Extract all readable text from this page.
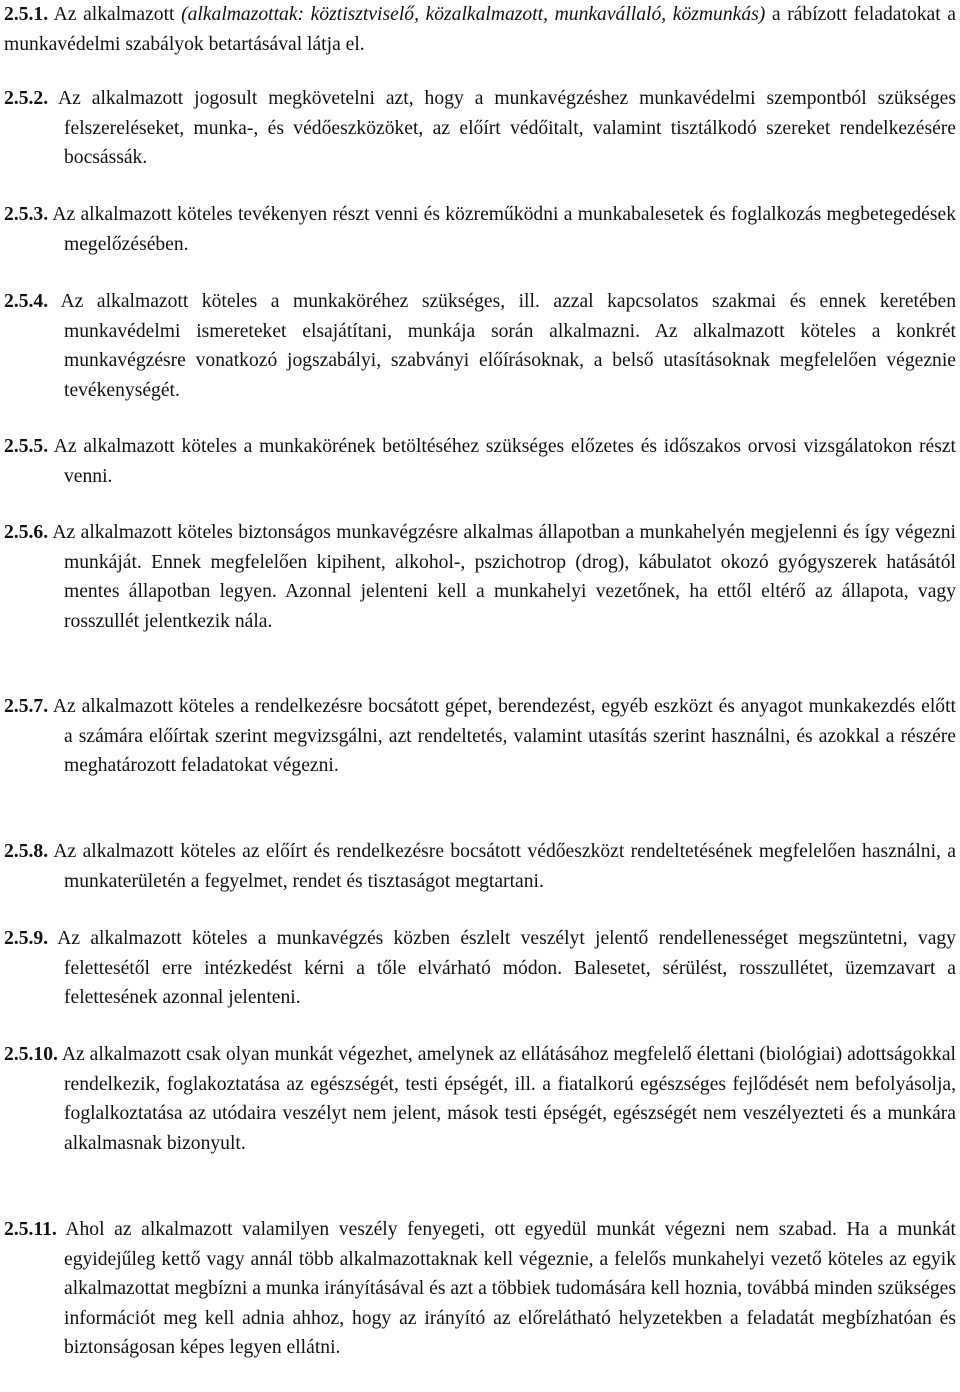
2.5.1. Az alkalmazott (alkalmazottak: köztisztviselő, közalkalmazott, munkavállaló, közmunkás) a rábízott feladatokat a munkavédelmi szabályok betartásával látja el.
2.5.2. Az alkalmazott jogosult megkövetelni azt, hogy a munkavégzéshez munkavédelmi szempontból szükséges felszereléseket, munka-, és védőeszközöket, az előírt védőitalt, valamint tisztálkodó szereket rendelkezésére bocsássák.
2.5.3. Az alkalmazott köteles tevékenyen részt venni és közreműködni a munkabalesetek és foglalkozás megbetegedések megelőzésében.
2.5.4. Az alkalmazott köteles a munkaköréhez szükséges, ill. azzal kapcsolatos szakmai és ennek keretében munkavédelmi ismereteket elsajátítani, munkája során alkalmazni. Az alkalmazott köteles a konkrét munkavégzésre vonatkozó jogszabályi, szabványi előírásoknak, a belső utasításoknak megfelelően végeznie tevékenységét.
2.5.5. Az alkalmazott köteles a munkakörének betöltéséhez szükséges előzetes és időszakos orvosi vizsgálatokon részt venni.
2.5.6. Az alkalmazott köteles biztonságos munkavégzésre alkalmas állapotban a munkahelyén megjelenni és így végezni munkáját. Ennek megfelelően kipihent, alkohol-, pszichotrop (drog), kábulatot okozó gyógyszerek hatásától mentes állapotban legyen. Azonnal jelenteni kell a munkahelyi vezetőnek, ha ettől eltérő az állapota, vagy rosszullét jelentkezik nála.
2.5.7. Az alkalmazott köteles a rendelkezésre bocsátott gépet, berendezést, egyéb eszközt és anyagot munkakezdés előtt a számára előírtak szerint megvizsgálni, azt rendeltetés, valamint utasítás szerint használni, és azokkal a részére meghatározott feladatokat végezni.
2.5.8. Az alkalmazott köteles az előírt és rendelkezésre bocsátott védőeszközt rendeltetésének megfelelően használni, a munkaterületén a fegyelmet, rendet és tisztaságot megtartani.
2.5.9. Az alkalmazott köteles a munkavégzés közben észlelt veszélyt jelentő rendellenességet megszüntetni, vagy felettesétől erre intézkedést kérni a tőle elvárható módon. Balesetet, sérülést, rosszullétet, üzemzavart a felettesének azonnal jelenteni.
2.5.10. Az alkalmazott csak olyan munkát végezhet, amelynek az ellátásához megfelelő élettani (biológiai) adottságokkal rendelkezik, foglakoztatása az egészségét, testi épségét, ill. a fiatalkorú egészséges fejlődését nem befolyásolja, foglalkoztatása az utódaira veszélyt nem jelent, mások testi épségét, egészségét nem veszélyezteti és a munkára alkalmasnak bizonyult.
2.5.11. Ahol az alkalmazott valamilyen veszély fenyegeti, ott egyedül munkát végezni nem szabad. Ha a munkát egyidejűleg kettő vagy annál több alkalmazottaknak kell végeznie, a felelős munkahelyi vezető köteles az egyik alkalmazottat megbízni a munka irányításával és azt a többiek tudomására kell hoznia, továbbá minden szükséges információt meg kell adnia ahhoz, hogy az irányító az előrelátható helyzetekben a feladatát megbízhatóan és biztonságosan képes legyen ellátni.
